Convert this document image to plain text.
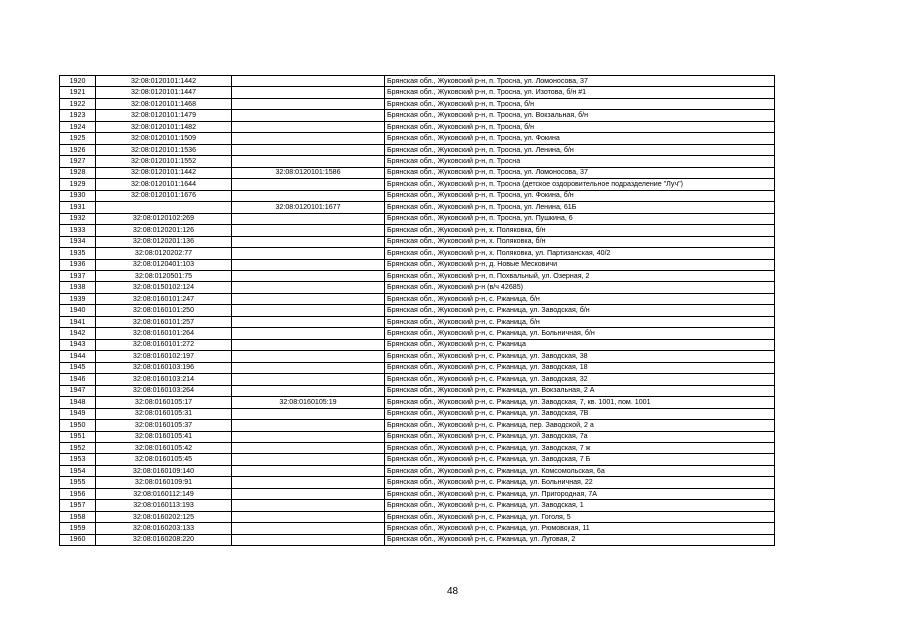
1920	32:08:0120101:1442		Брянская обл., Жуковский р-н, п. Тросна, ул. Ломоносова, 37
1921	32:08:0120101:1447		Брянская обл., Жуковский р-н, п. Тросна, ул. Изотова, б/н #1
1922	32:08:0120101:1468		Брянская обл., Жуковский р-н, п. Тросна, б/н
1923	32:08:0120101:1479		Брянская обл., Жуковский р-н, п. Тросна, ул. Вокзальная, б/н
1924	32:08:0120101:1482		Брянская обл., Жуковский р-н, п. Тросна, б/н
1925	32:08:0120101:1509		Брянская обл., Жуковский р-н, п. Тросна, ул. Фокина
1926	32:08:0120101:1536		Брянская обл., Жуковский р-н, п. Тросна, ул. Ленина, б/н
1927	32:08:0120101:1552		Брянская обл., Жуковский р-н, п. Тросна
1928	32:08:0120101:1442	32:08:0120101:1586	Брянская обл., Жуковский р-н, п. Тросна, ул. Ломоносова, 37
1929	32:08:0120101:1644		Брянская обл., Жуковский р-н, п. Тросна (детское оздоровительное подразделение "Луч")
1930	32:08:0120101:1676		Брянская обл., Жуковский р-н, п. Тросна, ул. Фокина, б/н
1931		32:08:0120101:1677	Брянская обл., Жуковский р-н, п. Тросна, ул. Ленина, 61Б
1932	32:08:0120102:269		Брянская обл., Жуковский р-н, п. Тросна, ул. Пушкина, 6
1933	32:08:0120201:126		Брянская обл., Жуковский р-н, х. Поляковка, б/н
1934	32:08:0120201:136		Брянская обл., Жуковский р-н, х. Поляковка, б/н
1935	32:08:0120202:77		Брянская обл., Жуковский р-н, х. Поляковка, ул. Партизанская, 40/2
1936	32:08:0120401:103		Брянская обл., Жуковский р-н, д. Новые Месковичи
1937	32:08:0120501:75		Брянская обл., Жуковский р-н, п. Похвальный, ул. Озерная, 2
1938	32:08:0150102:124		Брянская обл., Жуковский р-н (в/ч 42685)
1939	32:08:0160101:247		Брянская обл., Жуковский р-н, с. Ржаница, б/н
1940	32:08:0160101:250		Брянская обл., Жуковский р-н, с. Ржаница, ул. Заводская, б/н
1941	32:08:0160101:257		Брянская обл., Жуковский р-н, с. Ржаница, б/н
1942	32:08:0160101:264		Брянская обл., Жуковский р-н, с. Ржаница, ул. Больничная, б/н
1943	32:08:0160101:272		Брянская обл., Жуковский р-н, с. Ржаница
1944	32:08:0160102:197		Брянская обл., Жуковский р-н, с. Ржаница, ул. Заводская, 38
1945	32:08:0160103:196		Брянская обл., Жуковский р-н, с. Ржаница, ул. Заводская, 18
1946	32:08:0160103:214		Брянская обл., Жуковский р-н, с. Ржаница, ул. Заводская, 32
1947	32:08:0160103:264		Брянская обл., Жуковский р-н, с. Ржаница, ул. Вокзальная, 2 А
1948	32:08:0160105:17	32:08:0160105:19	Брянская обл., Жуковский р-н, с. Ржаница, ул. Заводская, 7, кв. 1001, пом. 1001
1949	32:08:0160105:31		Брянская обл., Жуковский р-н, с. Ржаница, ул. Заводская, 7В
1950	32:08:0160105:37		Брянская обл., Жуковский р-н, с. Ржаница, пер. Заводской, 2 а
1951	32:08:0160105:41		Брянская обл., Жуковский р-н, с. Ржаница, ул. Заводская, 7а
1952	32:08:0160105:42		Брянская обл., Жуковский р-н, с. Ржаница, ул. Заводская, 7 ж
1953	32:08:0160105:45		Брянская обл., Жуковский р-н, с. Ржаница, ул. Заводская, 7 Б
1954	32:08:0160109:140		Брянская обл., Жуковский р-н, с. Ржаница, ул. Комсомольская, 6а
1955	32:08:0160109:91		Брянская обл., Жуковский р-н, с. Ржаница, ул. Больничная, 22
1956	32:08:0160112:149		Брянская обл., Жуковский р-н, с. Ржаница, ул. Пригородная, 7А
1957	32:08:0160113:193		Брянская обл., Жуковский р-н, с. Ржаница, ул. Заводская, 1
1958	32:08:0160202:125		Брянская обл., Жуковский р-н, с. Ржаница, ул. Гоголя, 5
1959	32:08:0160203:133		Брянская обл., Жуковский р-н, с. Ржаница, ул. Рюмовская, 11
1960	32:08:0160208:220		Брянская обл., Жуковский р-н, с. Ржаница, ул. Луговая, 2
48
